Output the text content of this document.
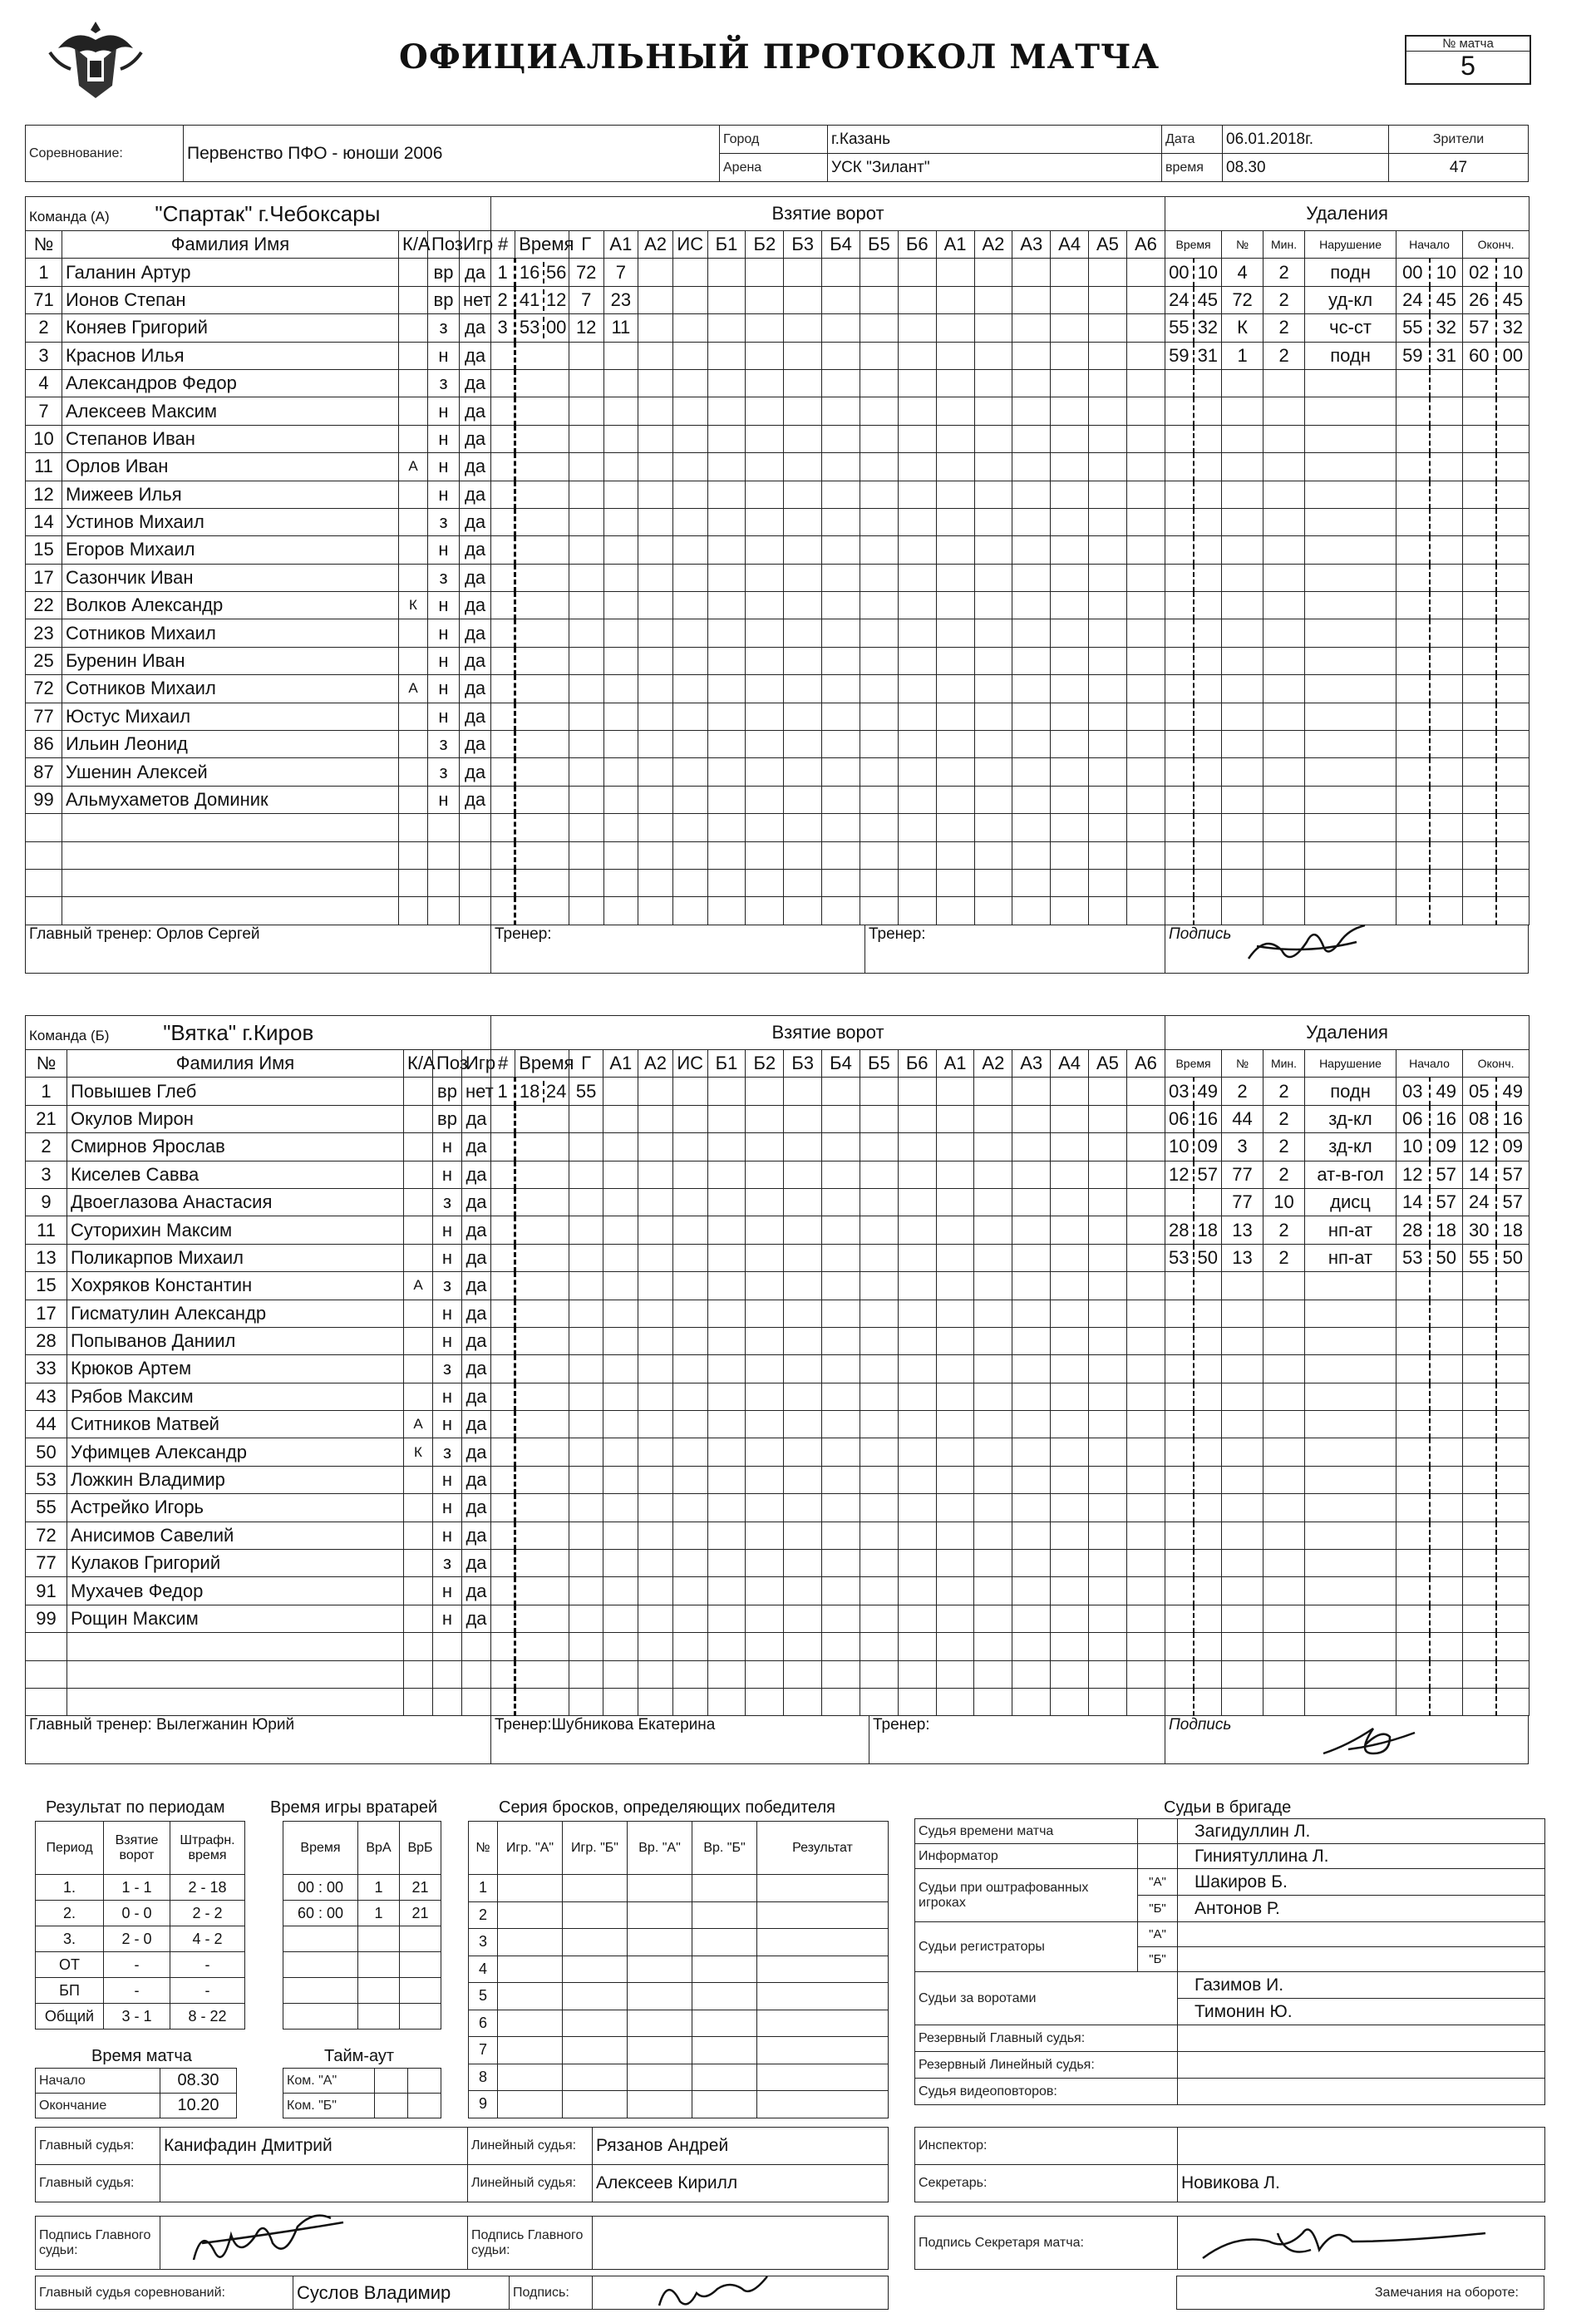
ОФИЦИАЛЬНЫЙ ПРОТОКОЛ МАТЧА	№ матча
5
Соревнование:	Первенство ПФО - юноши 2006	Город	г.Казань	Дата	06.01.2018г.	Зрители
		Арена	УСК "Зилант"	время	08.30	47
Команда (А) "Спартак" г.Чебоксары				
№	Фамилия Имя	К/А	Поз	Игр
1	Галанин Артур		вр	да
71	Ионов Степан		вр	нет
2	Коняев Григорий		з	да
3	Краснов Илья		н	да
4	Александров Федор		з	да
7	Алексеев Максим		н	да
10	Степанов Иван		н	да
11	Орлов Иван	А	н	да
12	Мижеев Илья		н	да
14	Устинов Михаил		з	да
15	Егоров Михаил		н	да
17	Сазончик Иван		з	да
22	Волков Александр	К	н	да
23	Сотников Михаил		н	да
25	Буренин Иван		н	да
72	Сотников Михаил	А	н	да
77	Юстус Михаил		н	да
86	Ильин Леонид		з	да
87	Ушенин Алексей		з	да
99	Альмухаметов Доминик		н	да

Взятие ворот																	
#	Время	Г	А1	А2	ИС	Б1	Б2	Б3	Б4	Б5	Б6	А1	А2	А3	А4	А5	А6
1	16 56	72	7														
2	41 12	7	23														
3	53 00	12	11														

Удаления								
Время		№	Мин.	Нарушение	Начало		Оконч.	
00	10	4	2	подн	00	10	02	10
24	45	72	2	уд-кл	24	45	26	45
55	32	К	2	чс-ст	55	32	57	32
59	31	1	2	подн	59	31	60	00

Главный тренер: Орлов Сергей	Тренер:	Тренер:	Подпись
Команда (Б) "Вятка" г.Киров				
№	Фамилия Имя	К/А	Поз	Игр
1	Повышев Глеб		вр	нет
21	Окулов Мирон		вр	да
2	Смирнов Ярослав		н	да
3	Киселев Савва		н	да
9	Двоеглазова Анастасия		з	да
11	Суторихин Максим		н	да
13	Поликарпов Михаил		н	да
15	Хохряков Константин	А	з	да
17	Гисматулин Александр		н	да
28	Попыванов Даниил		н	да
33	Крюков Артем		з	да
43	Рябов Максим		н	да
44	Ситников Матвей	А	н	да
50	Уфимцев Александр	К	з	да
53	Ложкин Владимир		н	да
55	Астрейко Игорь		н	да
72	Анисимов Савелий		н	да
77	Кулаков Григорий		з	да
91	Мухачев Федор		н	да
99	Рощин Максим		н	да

Взятие ворот																	
#	Время	Г	А1	А2	ИС	Б1	Б2	Б3	Б4	Б5	Б6	А1	А2	А3	А4	А5	А6
1	18 24	55															

Удаления								
Время		№	Мин.	Нарушение	Начало		Оконч.	
03	49	2	2	подн	03	49	05	49
06	16	44	2	зд-кл	06	16	08	16
10	09	3	2	зд-кл	10	09	12	09
12	57	77	2	ат-в-гол	12	57	14	57
		77	10	дисц	14	57	24	57
28	18	13	2	нп-ат	28	18	30	18
53	50	13	2	нп-ат	53	50	55	50

Главный тренер: Вылегжанин Юрий	Тренер:Шубникова Екатерина	Тренер:	Подпись
Результат по периодам
Период	Взятие ворот	Штрафн. время
1.	1 - 1	2 - 18
2.	0 - 0	2 - 2
3.	2 - 0	4 - 2
ОТ	-	-
БП	-	-
Общий	3 - 1	8 - 22
Время игры вратарей
Время	ВрА	ВрБ
00 : 00	1	21
60 : 00	1	21

Время матча
Начало	08.30
Окончание	10.20
Тайм-аут
Ком. "А"		
Ком. "Б"		
Серия бросков, определяющих победителя
№	Игр. "А"	Игр. "Б"	Вр. "А"	Вр. "Б"	Результат
1					
2					
3					
4					
5					
6					
7					
8					
9					
Судьи в бригаде
Судья времени матча		Загидуллин Л.
Информатор		Гиниятуллина Л.
Судьи при оштрафованных игроках	"А"	Шакиров Б.
	"Б"	Антонов Р.
Судьи регистраторы	"А"	
	"Б"	
Судьи за воротами		Газимов И.
		Тимонин Ю.
Резервный Главный судья:		
Резервный Линейный судья:		
Судья видеоповторов:		
Главный судья:	Канифадин Дмитрий	Линейный судья:	Рязанов Андрей
Главный судья:		Линейный судья:	Алексеев Кирилл
Инспектор:	
Секретарь:	Новикова Л.
Подпись Главного судьи:	
	Подпись Главного судьи:	
Подпись Секретаря матча:	
Главный судья соревнований:	Суслов Владимир	Подпись:		Замечания на обороте:
